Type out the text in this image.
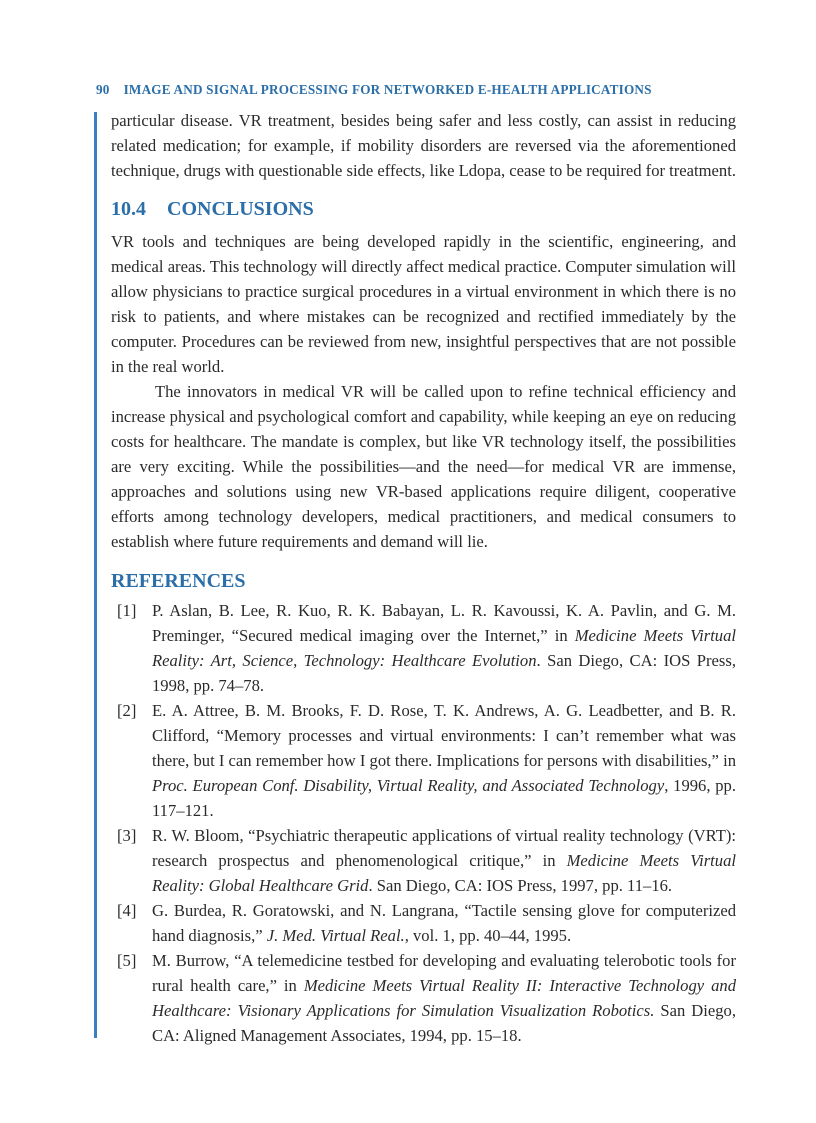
90 IMAGE AND SIGNAL PROCESSING FOR NETWORKED E-HEALTH APPLICATIONS

particular disease. VR treatment, besides being safer and less costly, can assist in reducing related medication; for example, if mobility disorders are reversed via the aforementioned technique, drugs with questionable side effects, like Ldopa, cease to be required for treatment.

10.4 CONCLUSIONS

VR tools and techniques are being developed rapidly in the scientific, engineering, and medical areas. This technology will directly affect medical practice. Computer simulation will allow physicians to practice surgical procedures in a virtual environment in which there is no risk to patients, and where mistakes can be recognized and rectified immediately by the computer. Procedures can be reviewed from new, insightful perspectives that are not possible in the real world.

The innovators in medical VR will be called upon to refine technical efficiency and increase physical and psychological comfort and capability, while keeping an eye on reducing costs for healthcare. The mandate is complex, but like VR technology itself, the possibilities are very exciting. While the possibilities—and the need—for medical VR are immense, approaches and solutions using new VR-based applications require diligent, cooperative efforts among technology developers, medical practitioners, and medical consumers to establish where future requirements and demand will lie.

REFERENCES
[1] P. Aslan, B. Lee, R. Kuo, R. K. Babayan, L. R. Kavoussi, K. A. Pavlin, and G. M. Preminger, “Secured medical imaging over the Internet,” in Medicine Meets Virtual Reality: Art, Science, Technology: Healthcare Evolution. San Diego, CA: IOS Press, 1998, pp. 74–78.
[2] E. A. Attree, B. M. Brooks, F. D. Rose, T. K. Andrews, A. G. Leadbetter, and B. R. Clifford, “Memory processes and virtual environments: I can’t remember what was there, but I can remember how I got there. Implications for persons with disabilities,” in Proc. European Conf. Disability, Virtual Reality, and Associated Technology, 1996, pp. 117–121.
[3] R. W. Bloom, “Psychiatric therapeutic applications of virtual reality technology (VRT): research prospectus and phenomenological critique,” in Medicine Meets Virtual Reality: Global Healthcare Grid. San Diego, CA: IOS Press, 1997, pp. 11–16.
[4] G. Burdea, R. Goratowski, and N. Langrana, “Tactile sensing glove for computerized hand diagnosis,” J. Med. Virtual Real., vol. 1, pp. 40–44, 1995.
[5] M. Burrow, “A telemedicine testbed for developing and evaluating telerobotic tools for rural health care,” in Medicine Meets Virtual Reality II: Interactive Technology and Healthcare: Visionary Applications for Simulation Visualization Robotics. San Diego, CA: Aligned Management Associates, 1994, pp. 15–18.
